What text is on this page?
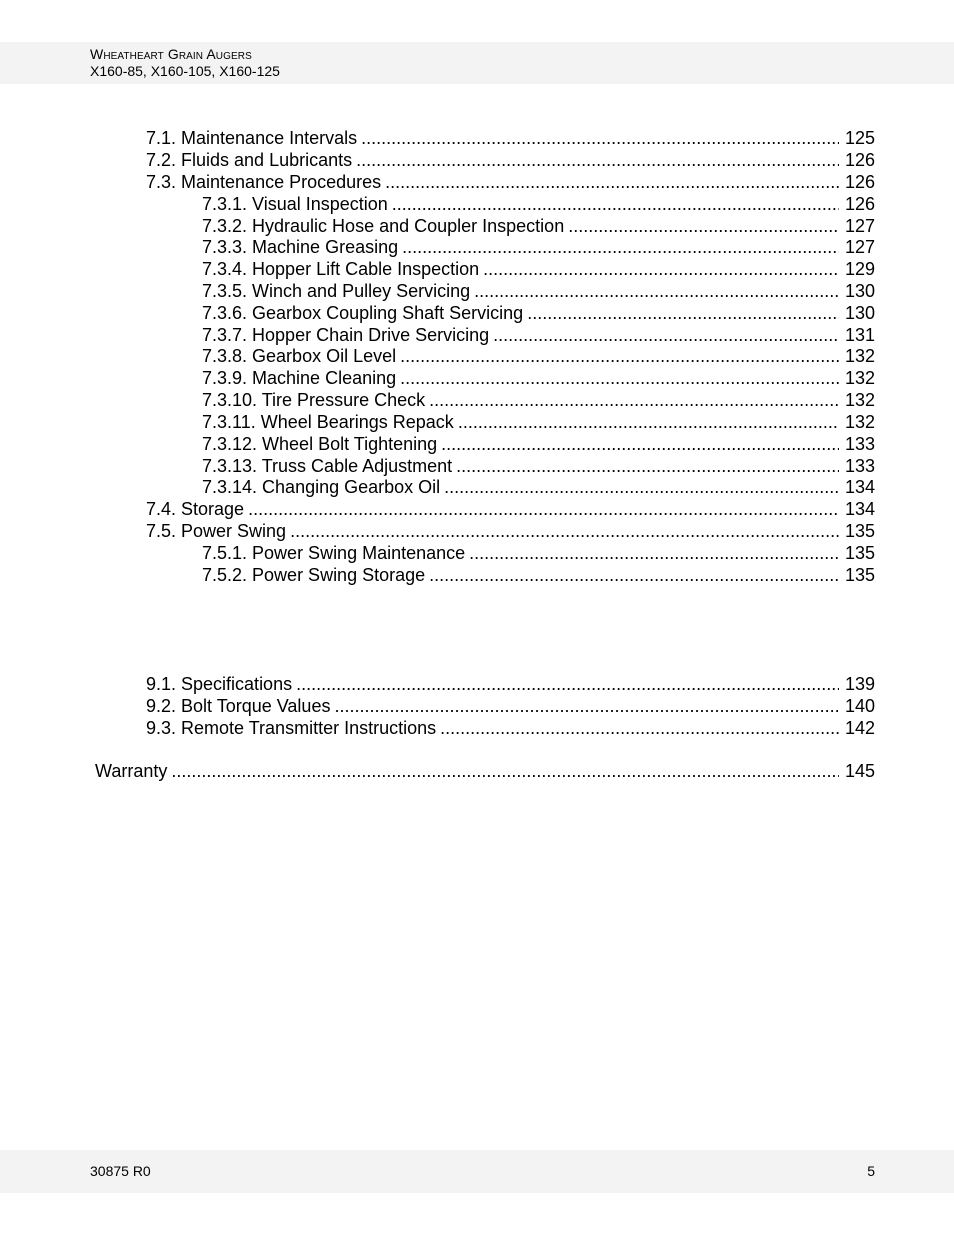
Wheatheart Grain Augers
X160-85, X160-105, X160-125
7.1. Maintenance Intervals .....	125
7.2. Fluids and Lubricants .....	126
7.3. Maintenance Procedures .....	126
7.3.1. Visual Inspection .....	126
7.3.2. Hydraulic Hose and Coupler Inspection .....	127
7.3.3. Machine Greasing .....	127
7.3.4. Hopper Lift Cable Inspection .....	129
7.3.5. Winch and Pulley Servicing .....	130
7.3.6. Gearbox Coupling Shaft Servicing .....	130
7.3.7. Hopper Chain Drive Servicing .....	131
7.3.8. Gearbox Oil Level .....	132
7.3.9. Machine Cleaning .....	132
7.3.10. Tire Pressure Check .....	132
7.3.11. Wheel Bearings Repack .....	132
7.3.12. Wheel Bolt Tightening .....	133
7.3.13. Truss Cable Adjustment .....	133
7.3.14. Changing Gearbox Oil .....	134
7.4. Storage .....	134
7.5. Power Swing .....	135
7.5.1. Power Swing Maintenance .....	135
7.5.2. Power Swing Storage .....	135
9.1. Specifications .....	139
9.2. Bolt Torque Values .....	140
9.3. Remote Transmitter Instructions .....	142
Warranty .....	145
30875 R0	5
